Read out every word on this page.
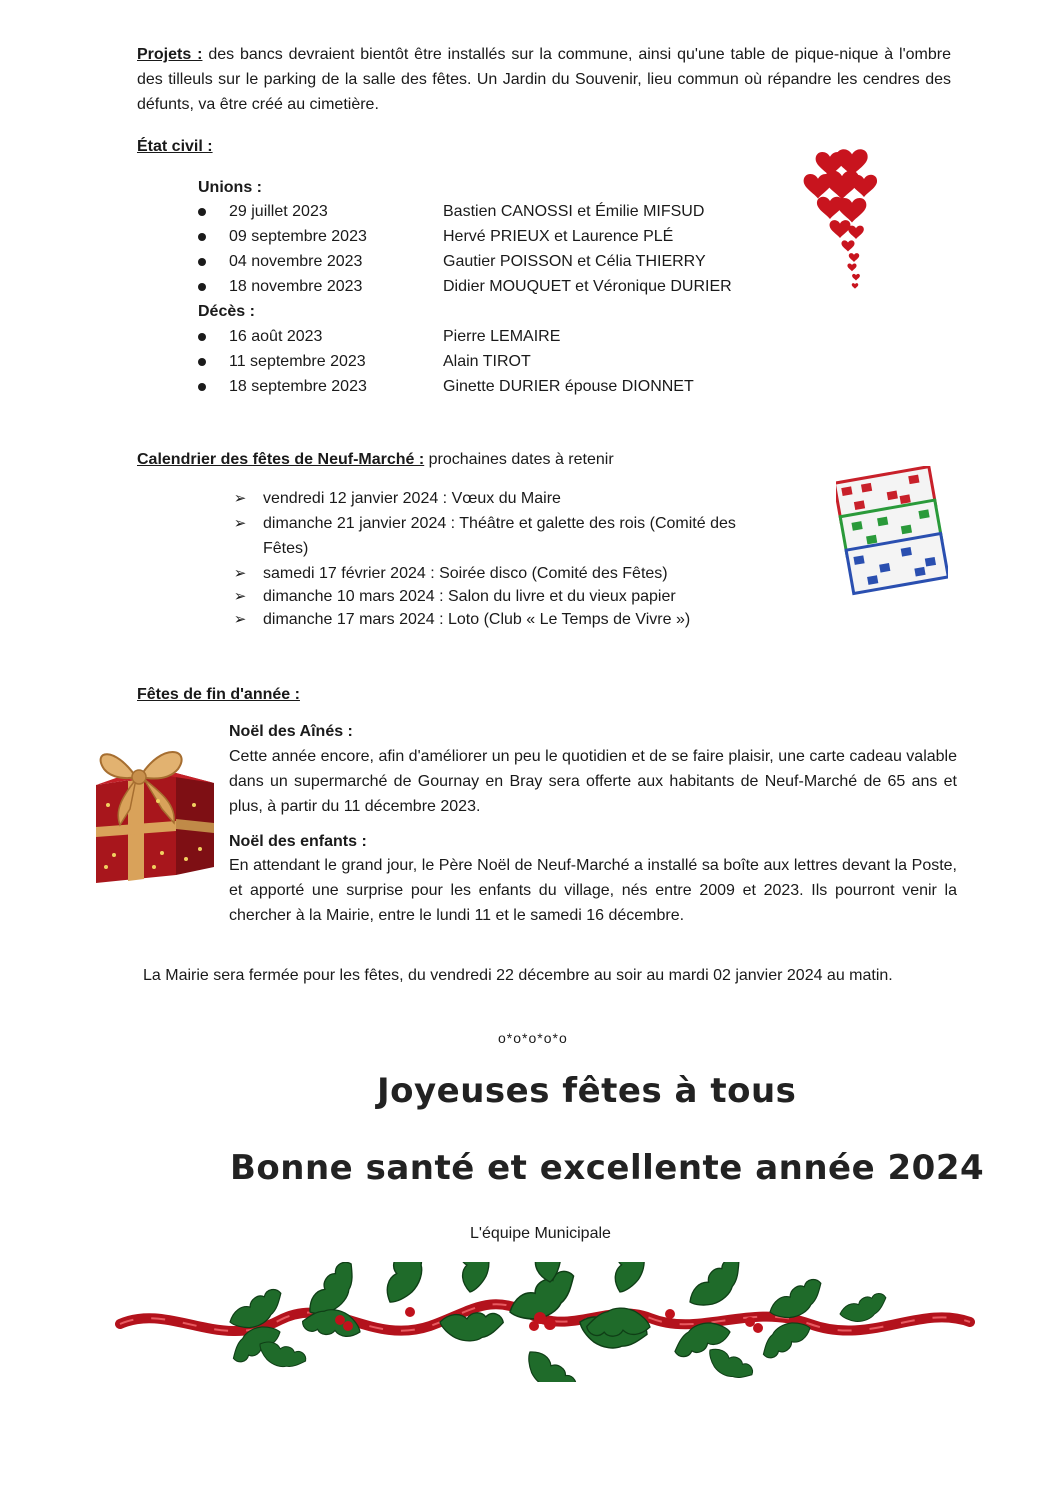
Projets : des bancs devraient bientôt être installés sur la commune, ainsi qu'une table de pique-nique à l'ombre des tilleuls sur le parking de la salle des fêtes. Un Jardin du Souvenir, lieu commun où répandre les cendres des défunts, va être créé au cimetière.
État civil :
Unions :
29 juillet 2023	Bastien CANOSSI et Émilie MIFSUD
09 septembre 2023	Hervé PRIEUX et Laurence PLÉ
04 novembre 2023	Gautier POISSON et Célia THIERRY
18 novembre 2023	Didier MOUQUET et Véronique DURIER
Décès :
16 août 2023	Pierre LEMAIRE
11 septembre 2023	Alain TIROT
18 septembre 2023	Ginette DURIER épouse DIONNET
Calendrier des fêtes de Neuf-Marché : prochaines dates à retenir
➢ vendredi 12 janvier 2024 : Vœux du Maire
➢ dimanche 21 janvier 2024 : Théâtre et galette des rois (Comité des
Fêtes)
➢ samedi 17 février 2024 : Soirée disco (Comité des Fêtes)
➢ dimanche 10 mars 2024 : Salon du livre et du vieux papier
➢ dimanche 17 mars 2024 : Loto (Club « Le Temps de Vivre »)
Fêtes de fin d'année :
Noël des Aînés :
Cette année encore, afin d'améliorer un peu le quotidien et de se faire plaisir, une carte cadeau valable dans un supermarché de Gournay en Bray sera offerte aux habitants de Neuf-Marché de 65 ans et plus, à partir du 11 décembre 2023.
Noël des enfants :
En attendant le grand jour, le Père Noël de Neuf-Marché a installé sa boîte aux lettres devant la Poste, et apporté une surprise pour les enfants du village, nés entre 2009 et 2023. Ils pourront venir la chercher à la Mairie, entre le lundi 11 et le samedi 16 décembre.
La Mairie sera fermée pour les fêtes, du vendredi 22 décembre au soir au mardi 02 janvier 2024 au matin.
o*o*o*o*o
Joyeuses fêtes à tous
Bonne santé et excellente année 2024
L'équipe Municipale
